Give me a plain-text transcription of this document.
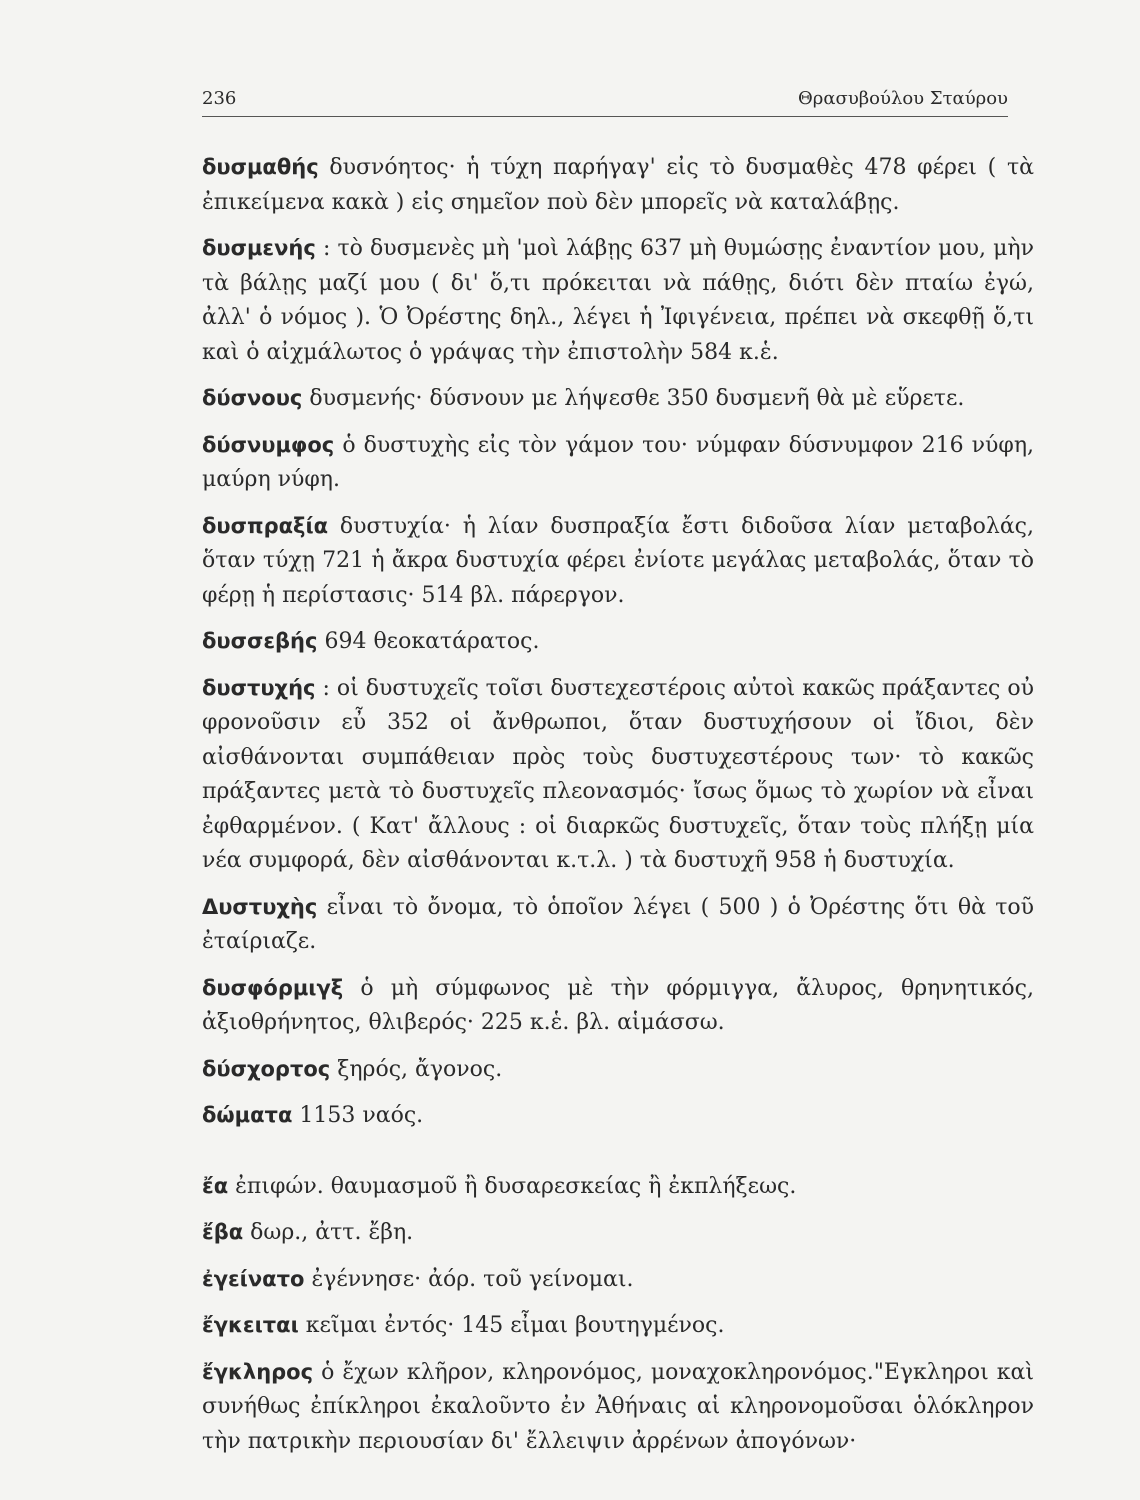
236	Θρασυβούλου Σταύρου

δυσμαθής δυσνόητος· ἡ τύχη παρήγαγ' εἰς τὸ δυσμαθὲς 478 φέρει ( τὰ ἐπικείμενα κακὰ ) εἰς σημεῖον ποὺ δὲν μπορεῖς νὰ καταλάβῃς.

δυσμενής : τὸ δυσμενὲς μὴ 'μοὶ λάβῃς 637 μὴ θυμώσῃς ἐναντίον μου, μὴν τὰ βάλῃς μαζί μου ( δι' ὅ,τι πρόκειται νὰ πάθῃς, διότι δὲν πταίω ἐγώ, ἀλλ' ὁ νόμος ). Ὁ Ὀρέστης δηλ., λέγει ἡ Ἰφιγένεια, πρέπει νὰ σκεφθῇ ὅ,τι καὶ ὁ αἰχμάλωτος ὁ γράψας τὴν ἐπιστολὴν 584 κ.ἑ.

δύσνους δυσμενής· δύσνουν με λήψεσθε 350 δυσμενῆ θὰ μὲ εὕρετε.

δύσνυμφος ὁ δυστυχὴς εἰς τὸν γάμον του· νύμφαν δύσνυμφον 216 νύφη, μαύρη νύφη.

δυσπραξία δυστυχία· ἡ λίαν δυσπραξία ἔστι διδοῦσα λίαν μεταβολάς, ὅταν τύχῃ 721 ἡ ἄκρα δυστυχία φέρει ἐνίοτε μεγάλας μεταβολάς, ὅταν τὸ φέρῃ ἡ περίστασις· 514 βλ. πάρεργον.

δυσσεβής 694 θεοκατάρατος.

δυστυχής : οἱ δυστυχεῖς τοῖσι δυστεχεστέροις αὐτοὶ κακῶς πράξαντες οὐ φρονοῦσιν εὖ 352 οἱ ἄνθρωποι, ὅταν δυστυχήσουν οἱ ἴδιοι, δὲν αἰσθάνονται συμπάθειαν πρὸς τοὺς δυστυχεστέρους των· τὸ κακῶς πράξαντες μετὰ τὸ δυστυχεῖς πλεονασμός· ἴσως ὅμως τὸ χωρίον νὰ εἶναι ἐφθαρμένον. ( Κατ' ἄλλους : οἱ διαρκῶς δυστυχεῖς, ὅταν τοὺς πλήξῃ μία νέα συμφορά, δὲν αἰσθάνονται κ.τ.λ. ) τὰ δυστυχῆ 958 ἡ δυστυχία.

Δυστυχὴς εἶναι τὸ ὄνομα, τὸ ὁποῖον λέγει ( 500 ) ὁ Ὀρέστης ὅτι θὰ τοῦ ἐταίριαζε.

δυσφόρμιγξ ὁ μὴ σύμφωνος μὲ τὴν φόρμιγγα, ἄλυρος, θρηνητικός, ἀξιοθρήνητος, θλιβερός· 225 κ.ἑ. βλ. αἱμάσσω.

δύσχορτος ξηρός, ἄγονος.

δώματα 1153 ναός.

ἔα ἐπιφών. θαυμασμοῦ ἢ δυσαρεσκείας ἢ ἐκπλήξεως.

ἔβα δωρ., ἀττ. ἔβη.

ἐγείνατο ἐγέννησε· ἀόρ. τοῦ γείνομαι.

ἔγκειται κεῖμαι ἐντός· 145 εἶμαι βουτηγμένος.

ἔγκληρος ὁ ἔχων κλῆρον, κληρονόμος, μοναχοκληρονόμος."Εγκληροι καὶ συνήθως ἐπίκληροι ἐκαλοῦντο ἐν Ἀθήναις αἱ κληρονομοῦσαι ὁλόκληρον τὴν πατρικὴν περιουσίαν δι' ἔλλειψιν ἀρρένων ἀπογόνων·
